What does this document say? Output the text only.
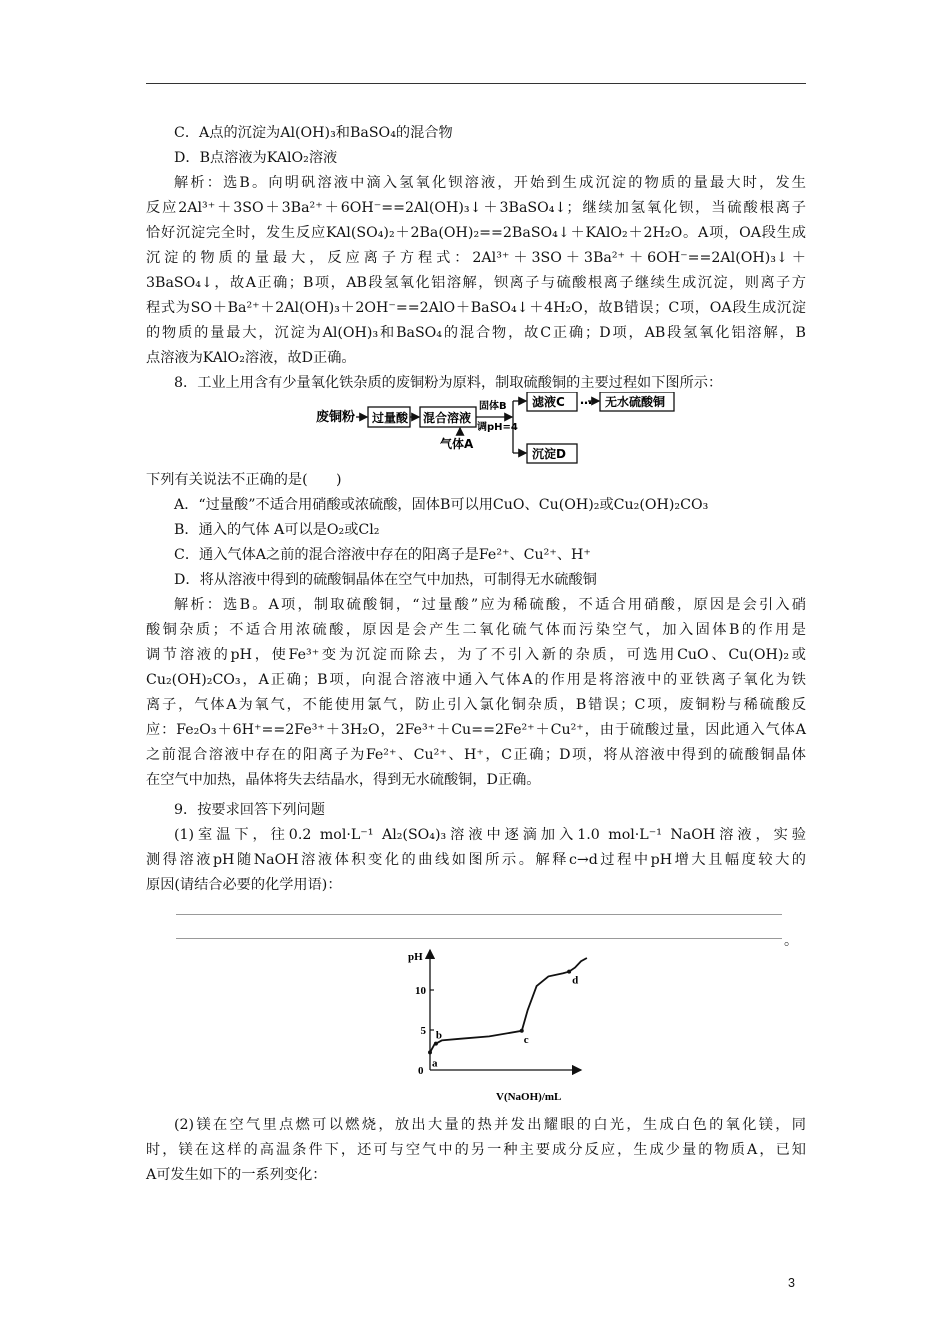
C．A点的沉淀为Al(OH)₃和BaSO₄的混合物
D．B点溶液为KAlO₂溶液
解析：选B。向明矾溶液中滴入氢氧化钡溶液，开始到生成沉淀的物质的量最大时，发生
反应2Al³⁺＋3SO＋3Ba²⁺＋6OH⁻==2Al(OH)₃↓＋3BaSO₄↓；继续加氢氧化钡，当硫酸根离子
恰好沉淀完全时，发生反应KAl(SO₄)₂＋2Ba(OH)₂==2BaSO₄↓＋KAlO₂＋2H₂O。A项，OA段生成
沉淀的物质的量最大，反应离子方程式：2Al³⁺＋3SO＋3Ba²⁺＋6OH⁻==2Al(OH)₃↓＋
3BaSO₄↓，故A正确；B项，AB段氢氧化铝溶解，钡离子与硫酸根离子继续生成沉淀，则离子方
程式为SO＋Ba²⁺＋2Al(OH)₃＋2OH⁻==2AlO＋BaSO₄↓＋4H₂O，故B错误；C项，OA段生成沉淀
的物质的量最大，沉淀为Al(OH)₃和BaSO₄的混合物，故C正确；D项，AB段氢氧化铝溶解，B
点溶液为KAlO₂溶液，故D正确。
8．工业上用含有少量氧化铁杂质的废铜粉为原料，制取硫酸铜的主要过程如下图所示：
废铜粉 过量酸 混合溶液
固体B
调pH=4
气体A
滤液C … 无水硫酸铜
沉淀D
下列有关说法不正确的是(　　)
A．“过量酸”不适合用硝酸或浓硫酸，固体B可以用CuO、Cu(OH)₂或Cu₂(OH)₂CO₃
B．通入的气体 A可以是O₂或Cl₂
C．通入气体A之前的混合溶液中存在的阳离子是Fe²⁺、Cu²⁺、H⁺
D．将从溶液中得到的硫酸铜晶体在空气中加热，可制得无水硫酸铜
解析：选B。A项，制取硫酸铜，“过量酸”应为稀硫酸，不适合用硝酸，原因是会引入硝
酸铜杂质；不适合用浓硫酸，原因是会产生二氧化硫气体而污染空气，加入固体B的作用是
调节溶液的pH，使Fe³⁺变为沉淀而除去，为了不引入新的杂质，可选用CuO、Cu(OH)₂或
Cu₂(OH)₂CO₃，A正确；B项，向混合溶液中通入气体A的作用是将溶液中的亚铁离子氧化为铁
离子，气体A为氧气，不能使用氯气，防止引入氯化铜杂质，B错误；C项，废铜粉与稀硫酸反
应：Fe₂O₃＋6H⁺==2Fe³⁺＋3H₂O，2Fe³⁺＋Cu==2Fe²⁺＋Cu²⁺，由于硫酸过量，因此通入气体A
之前混合溶液中存在的阳离子为Fe²⁺、Cu²⁺、H⁺，C正确；D项，将从溶液中得到的硫酸铜晶体
在空气中加热，晶体将失去结晶水，得到无水硫酸铜，D正确。
9．按要求回答下列问题
(1)室温下，往0.2 mol·L⁻¹ Al₂(SO₄)₃溶液中逐滴加入1.0 mol·L⁻¹ NaOH溶液，实验
测得溶液pH随NaOH溶液体积变化的曲线如图所示。解释c→d过程中pH增大且幅度较大的
原因(请结合必要的化学用语)：
。
pH
0
5
10
a
b	c
d
V(NaOH)/mL
(2)镁在空气里点燃可以燃烧，放出大量的热并发出耀眼的白光，生成白色的氧化镁，同
时，镁在这样的高温条件下，还可与空气中的另一种主要成分反应，生成少量的物质A，已知
A可发生如下的一系列变化：
3
